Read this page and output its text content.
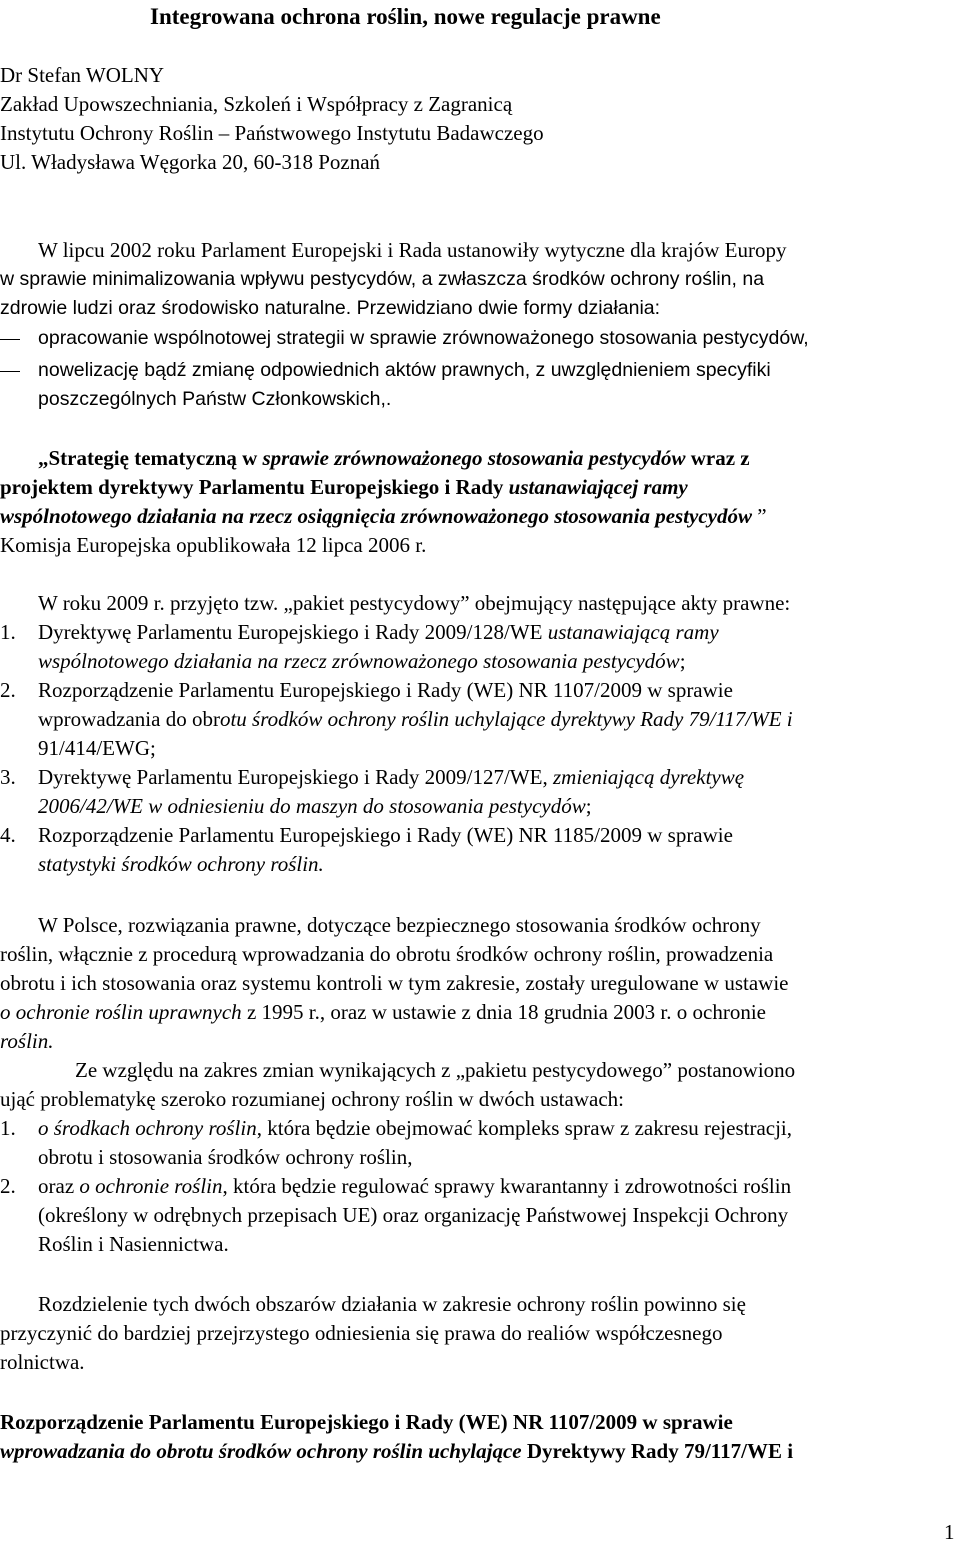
Integrowana ochrona roślin, nowe regulacje prawne
Dr Stefan WOLNY
Zakład Upowszechniania, Szkoleń i Współpracy z Zagranicą
Instytutu Ochrony Roślin – Państwowego Instytutu Badawczego
Ul. Władysława Węgorka 20, 60-318 Poznań
W lipcu 2002 roku Parlament Europejski i Rada ustanowiły wytyczne dla krajów Europy
w sprawie minimalizowania wpływu pestycydów, a zwłaszcza środków ochrony roślin, na
zdrowie ludzi oraz środowisko naturalne. Przewidziano dwie formy działania:
opracowanie wspólnotowej strategii w sprawie zrównoważonego stosowania pestycydów,
nowelizację bądź zmianę odpowiednich aktów prawnych, z uwzględnieniem specyfiki
poszczególnych Państw Członkowskich,.
„Strategię tematyczną w sprawie zrównoważonego stosowania pestycydów wraz z
projektem dyrektywy Parlamentu Europejskiego i Rady ustanawiającej ramy
wspólnotowego działania na rzecz osiągnięcia zrównoważonego stosowania pestycydów ”
Komisja Europejska opublikowała 12 lipca 2006 r.
W roku 2009 r. przyjęto tzw. „pakiet pestycydowy” obejmujący następujące akty prawne:
1. Dyrektywę Parlamentu Europejskiego i Rady 2009/128/WE ustanawiającą ramy
wspólnotowego działania na rzecz zrównoważonego stosowania pestycydów;
2. Rozporządzenie Parlamentu Europejskiego i Rady (WE) NR 1107/2009 w sprawie
wprowadzania do obrotu środków ochrony roślin uchylające dyrektywy Rady 79/117/WE i
91/414/EWG;
3. Dyrektywę Parlamentu Europejskiego i Rady 2009/127/WE, zmieniającą dyrektywę
2006/42/WE w odniesieniu do maszyn do stosowania pestycydów;
4. Rozporządzenie Parlamentu Europejskiego i Rady (WE) NR 1185/2009 w sprawie
statystyki środków ochrony roślin.
W Polsce, rozwiązania prawne, dotyczące bezpiecznego stosowania środków ochrony
roślin, włącznie z procedurą wprowadzania do obrotu środków ochrony roślin, prowadzenia
obrotu i ich stosowania oraz systemu kontroli w tym zakresie, zostały uregulowane w ustawie
o ochronie roślin uprawnych z 1995 r., oraz w ustawie z dnia 18 grudnia 2003 r. o ochronie
roślin.
Ze względu na zakres zmian wynikających z „pakietu pestycydowego” postanowiono
ująć problematykę szeroko rozumianej ochrony roślin w dwóch ustawach:
1. o środkach ochrony roślin, która będzie obejmować kompleks spraw z zakresu rejestracji,
obrotu i stosowania środków ochrony roślin,
2. oraz o ochronie roślin, która będzie regulować sprawy kwarantanny i zdrowotności roślin
(określony w odrębnych przepisach UE) oraz organizację Państwowej Inspekcji Ochrony
Roślin i Nasiennictwa.
Rozdzielenie tych dwóch obszarów działania w zakresie ochrony roślin powinno się
przyczynić do bardziej przejrzystego odniesienia się prawa do realiów współczesnego
rolnictwa.
Rozporządzenie Parlamentu Europejskiego i Rady (WE) NR 1107/2009 w sprawie
wprowadzania do obrotu środków ochrony roślin uchylające Dyrektywy Rady 79/117/WE i
1
